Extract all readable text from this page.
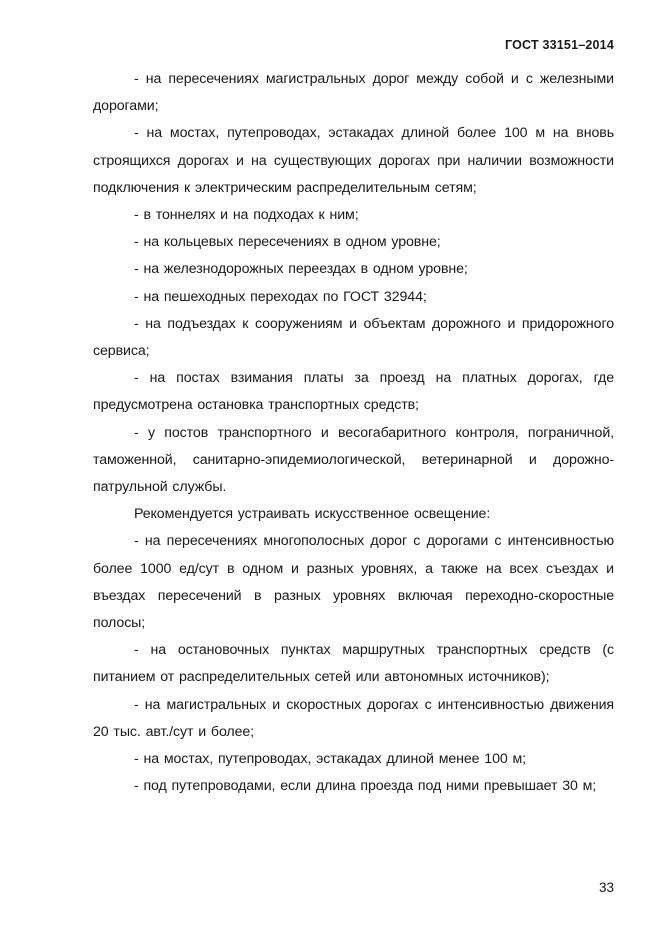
ГОСТ 33151–2014

- на пересечениях магистральных дорог между собой и с железными дорогами;

- на мостах, путепроводах, эстакадах длиной более 100 м на вновь строящихся дорогах и на существующих дорогах при наличии возможности подключения к электрическим распределительным сетям;

- в тоннелях и на подходах к ним;

- на кольцевых пересечениях в одном уровне;

- на железнодорожных переездах в одном уровне;

- на пешеходных переходах по ГОСТ 32944;

- на подъездах к сооружениям и объектам дорожного и придорожного сервиса;

- на постах взимания платы за проезд на платных дорогах, где предусмотрена остановка транспортных средств;

- у постов транспортного и весогабаритного контроля, пограничной, таможенной, санитарно-эпидемиологической, ветеринарной и дорожно-патрульной службы.

Рекомендуется устраивать искусственное освещение:

- на пересечениях многополосных дорог с дорогами с интенсивностью более 1000 ед/сут в одном и разных уровнях, а также на всех съездах и въездах пересечений в разных уровнях включая переходно-скоростные полосы;

- на остановочных пунктах маршрутных транспортных средств (с питанием от распределительных сетей или автономных источников);

- на магистральных и скоростных дорогах с интенсивностью движения 20 тыс. авт./сут и более;

- на мостах, путепроводах, эстакадах длиной менее 100 м;

- под путепроводами, если длина проезда под ними превышает 30 м;

33
